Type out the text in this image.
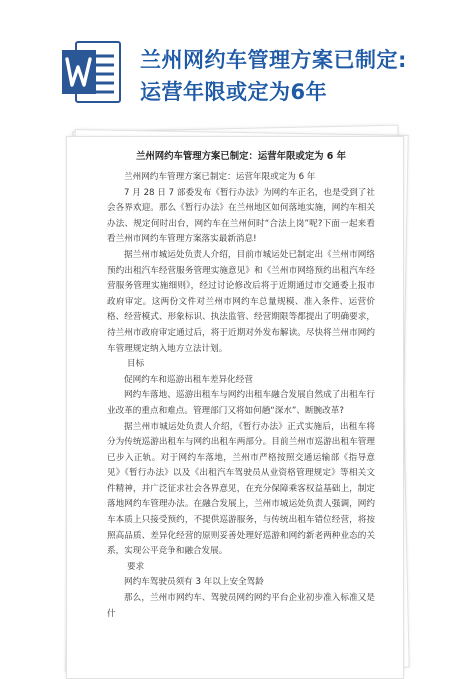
兰州网约车管理方案已制定:
运营年限或定为6年
兰州网约车管理方案已制定：运营年限或定为 6 年

兰州网约车管理方案已制定：运营年限或定为 6 年

7 月 28 日 7 部委发布《暂行办法》为网约车正名，也是受到了社会各界欢迎。那么《暂行办法》在兰州地区如何落地实施，网约车相关办法、规定何时出台，网约车在兰州何时“合法上岗”呢?下面一起来看看兰州市网约车管理方案落实最新消息!

据兰州市城运处负责人介绍，目前市城运处已制定出《兰州市网络预约出租汽车经营服务管理实施意见》和《兰州市网络预约出租汽车经营服务管理实施细则》，经过讨论修改后将于近期通过市交通委上报市政府审定。这两份文件对兰州市网约车总量规模、准入条件、运营价格、经营模式、形象标识、执法监管、经营期限等都提出了明确要求，待兰州市政府审定通过后，将于近期对外发布解读。尽快将兰州市网约车管理规定纳入地方立法计划。

目标

促网约车和巡游出租车差异化经营

网约车落地、巡游出租车与网约出租车融合发展自然成了出租车行业改革的重点和难点。管理部门又将如何趟“深水”、断腕改革?

据兰州市城运处负责人介绍，《暂行办法》正式实施后，出租车将分为传统巡游出租车与网约出租车两部分。目前兰州市巡游出租车管理已步入正轨。对于网约车落地，兰州市严格按照交通运输部《指导意见》《暂行办法》以及《出租汽车驾驶员从业资格管理规定》等相关文件精神，并广泛征求社会各界意见，在充分保障乘客权益基础上，制定落地网约车管理办法。在融合发展上，兰州市城运处负责人强调，网约车本质上只接受预约，不提供巡游服务，与传统出租车错位经营，将按照高品质、差异化经营的原则妥善处理好巡游和网约新老两种业态的关系，实现公平竞争和融合发展。

要求

网约车驾驶员须有 3 年以上安全驾龄

那么，兰州市网约车、驾驶员网约网约平台企业初步准入标准又是什
